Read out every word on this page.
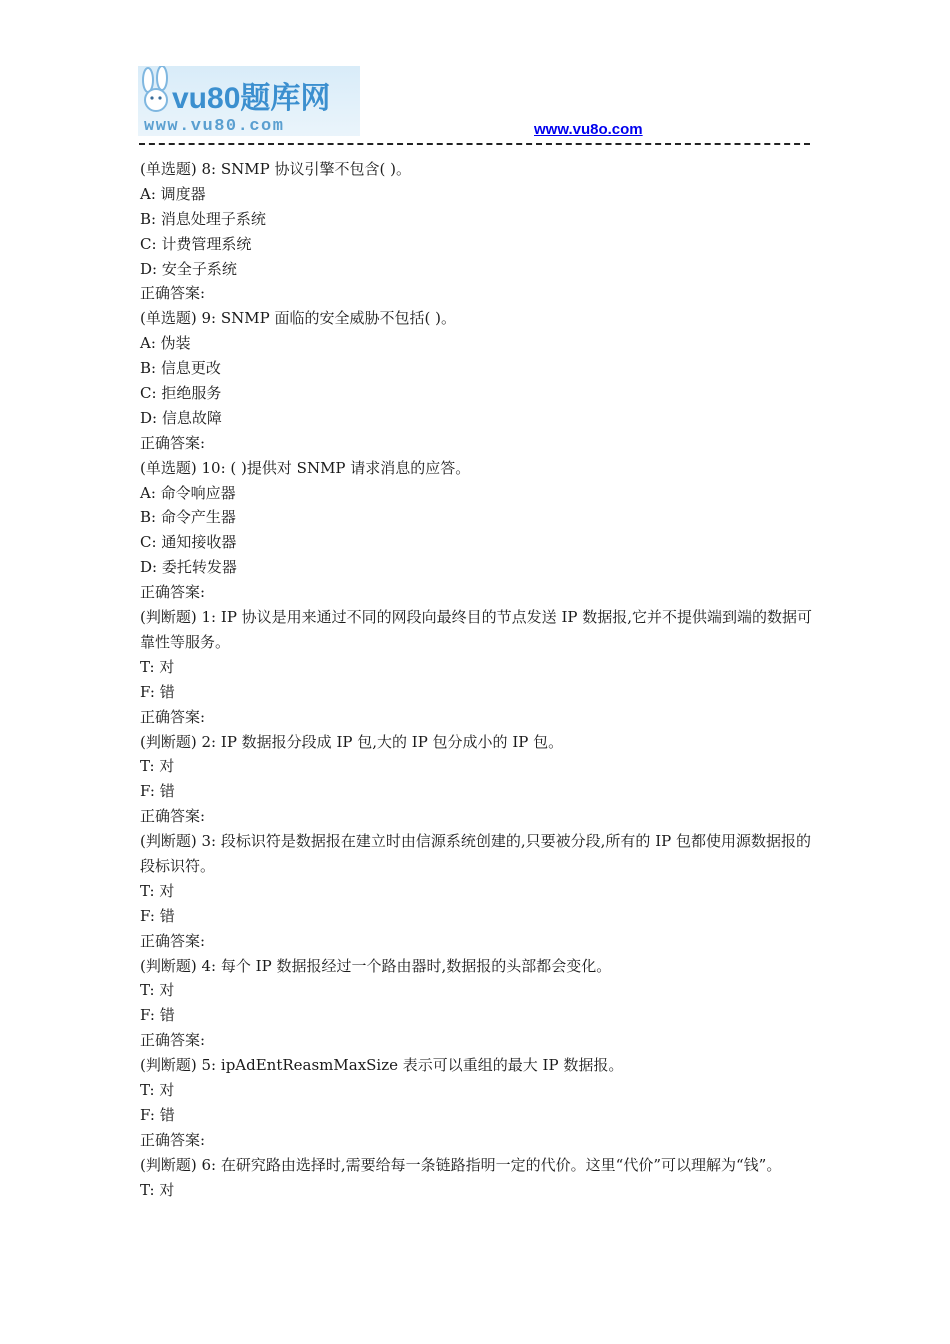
vu80题库网
www.vu80.com	www.vu8o.com
(单选题) 8: SNMP 协议引擎不包含( )。
A: 调度器
B: 消息处理子系统
C: 计费管理系统
D: 安全子系统
正确答案:
(单选题) 9: SNMP 面临的安全威胁不包括( )。
A: 伪装
B: 信息更改
C: 拒绝服务
D: 信息故障
正确答案:
(单选题) 10: ( )提供对 SNMP 请求消息的应答。
A: 命令响应器
B: 命令产生器
C: 通知接收器
D: 委托转发器
正确答案:
(判断题) 1: IP 协议是用来通过不同的网段向最终目的节点发送 IP 数据报,它并不提供端到端的数据可靠性等服务。
T: 对
F: 错
正确答案:
(判断题) 2: IP 数据报分段成 IP 包,大的 IP 包分成小的 IP 包。
T: 对
F: 错
正确答案:
(判断题) 3: 段标识符是数据报在建立时由信源系统创建的,只要被分段,所有的 IP 包都使用源数据报的段标识符。
T: 对
F: 错
正确答案:
(判断题) 4: 每个 IP 数据报经过一个路由器时,数据报的头部都会变化。
T: 对
F: 错
正确答案:
(判断题) 5: ipAdEntReasmMaxSize 表示可以重组的最大 IP 数据报。
T: 对
F: 错
正确答案:
(判断题) 6: 在研究路由选择时,需要给每一条链路指明一定的代价。这里“代价”可以理解为“钱”。
T: 对
